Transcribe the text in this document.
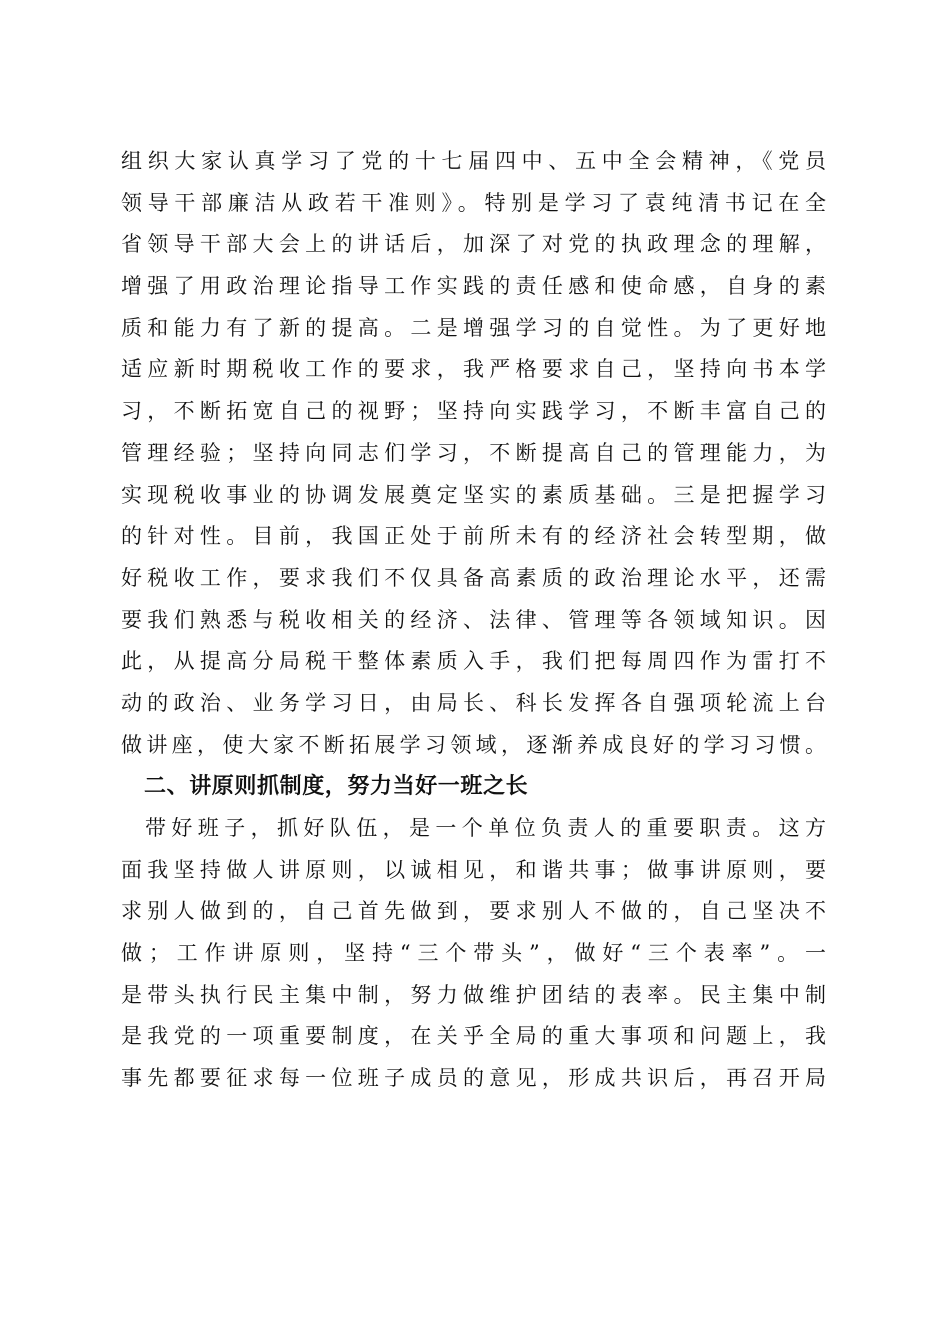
组织大家认真学习了党的十七届四中、五中全会精神，《党员
领导干部廉洁从政若干准则》。特别是学习了袁纯清书记在全
省领导干部大会上的讲话后，加深了对党的执政理念的理解，
增强了用政治理论指导工作实践的责任感和使命感，自身的素
质和能力有了新的提高。二是增强学习的自觉性。为了更好地
适应新时期税收工作的要求，我严格要求自己，坚持向书本学
习，不断拓宽自己的视野；坚持向实践学习，不断丰富自己的
管理经验；坚持向同志们学习，不断提高自己的管理能力，为
实现税收事业的协调发展奠定坚实的素质基础。三是把握学习
的针对性。目前，我国正处于前所未有的经济社会转型期，做
好税收工作，要求我们不仅具备高素质的政治理论水平，还需
要我们熟悉与税收相关的经济、法律、管理等各领域知识。因
此，从提高分局税干整体素质入手，我们把每周四作为雷打不
动的政治、业务学习日，由局长、科长发挥各自强项轮流上台
做讲座，使大家不断拓展学习领域，逐渐养成良好的学习习惯。
二、讲原则抓制度，努力当好一班之长
带好班子，抓好队伍，是一个单位负责人的重要职责。这方
面我坚持做人讲原则，以诚相见，和谐共事；做事讲原则，要
求别人做到的，自己首先做到，要求别人不做的，自己坚决不
做；工作讲原则，坚持“三个带头”，做好“三个表率”。一
是带头执行民主集中制，努力做维护团结的表率。民主集中制
是我党的一项重要制度，在关乎全局的重大事项和问题上，我
事先都要征求每一位班子成员的意见，形成共识后，再召开局
